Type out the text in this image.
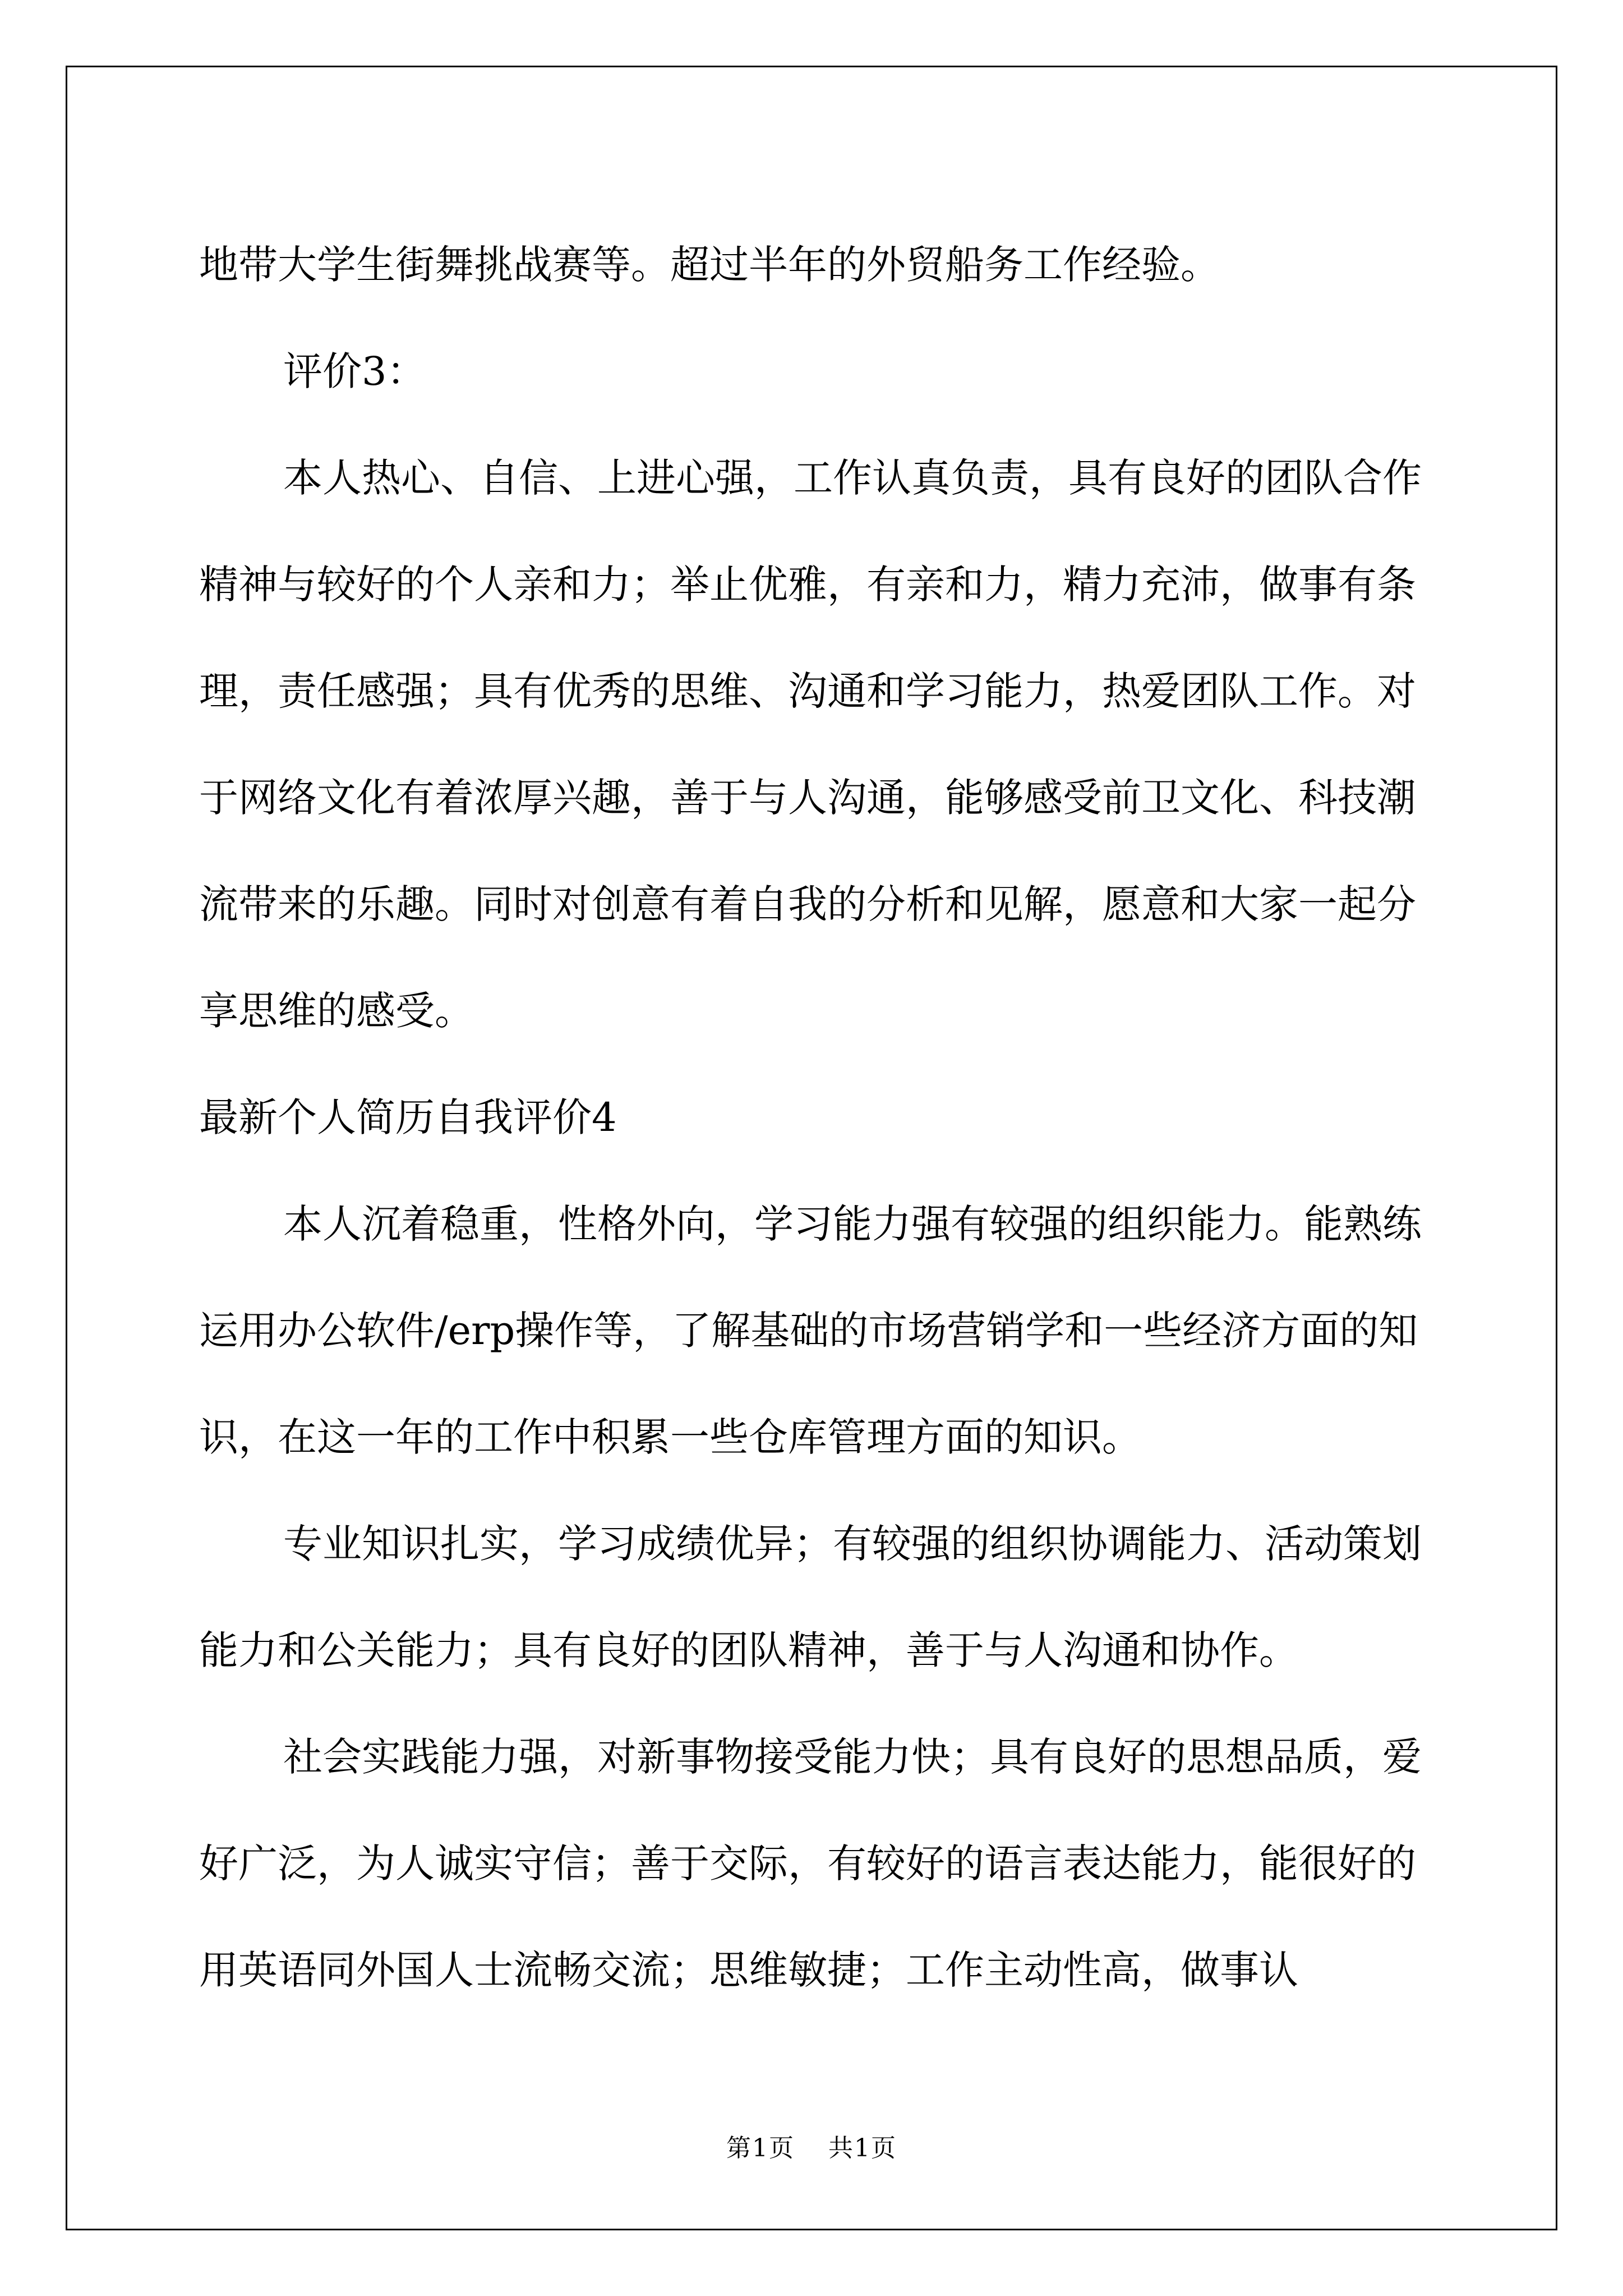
地带大学生街舞挑战赛等。超过半年的外贸船务工作经验。

评价3：

本人热心、自信、上进心强，工作认真负责，具有良好的团队合作精神与较好的个人亲和力；举止优雅，有亲和力，精力充沛，做事有条理，责任感强；具有优秀的思维、沟通和学习能力，热爱团队工作。对于网络文化有着浓厚兴趣，善于与人沟通，能够感受前卫文化、科技潮流带来的乐趣。同时对创意有着自我的分析和见解，愿意和大家一起分享思维的感受。

最新个人简历自我评价4

本人沉着稳重，性格外向，学习能力强有较强的组织能力。能熟练运用办公软件/erp操作等，了解基础的市场营销学和一些经济方面的知识，在这一年的工作中积累一些仓库管理方面的知识。

专业知识扎实，学习成绩优异；有较强的组织协调能力、活动策划能力和公关能力；具有良好的团队精神，善于与人沟通和协作。

社会实践能力强，对新事物接受能力快；具有良好的思想品质，爱好广泛，为人诚实守信；善于交际，有较好的语言表达能力，能很好的用英语同外国人士流畅交流；思维敏捷；工作主动性高，做事认

第1页 共1页
